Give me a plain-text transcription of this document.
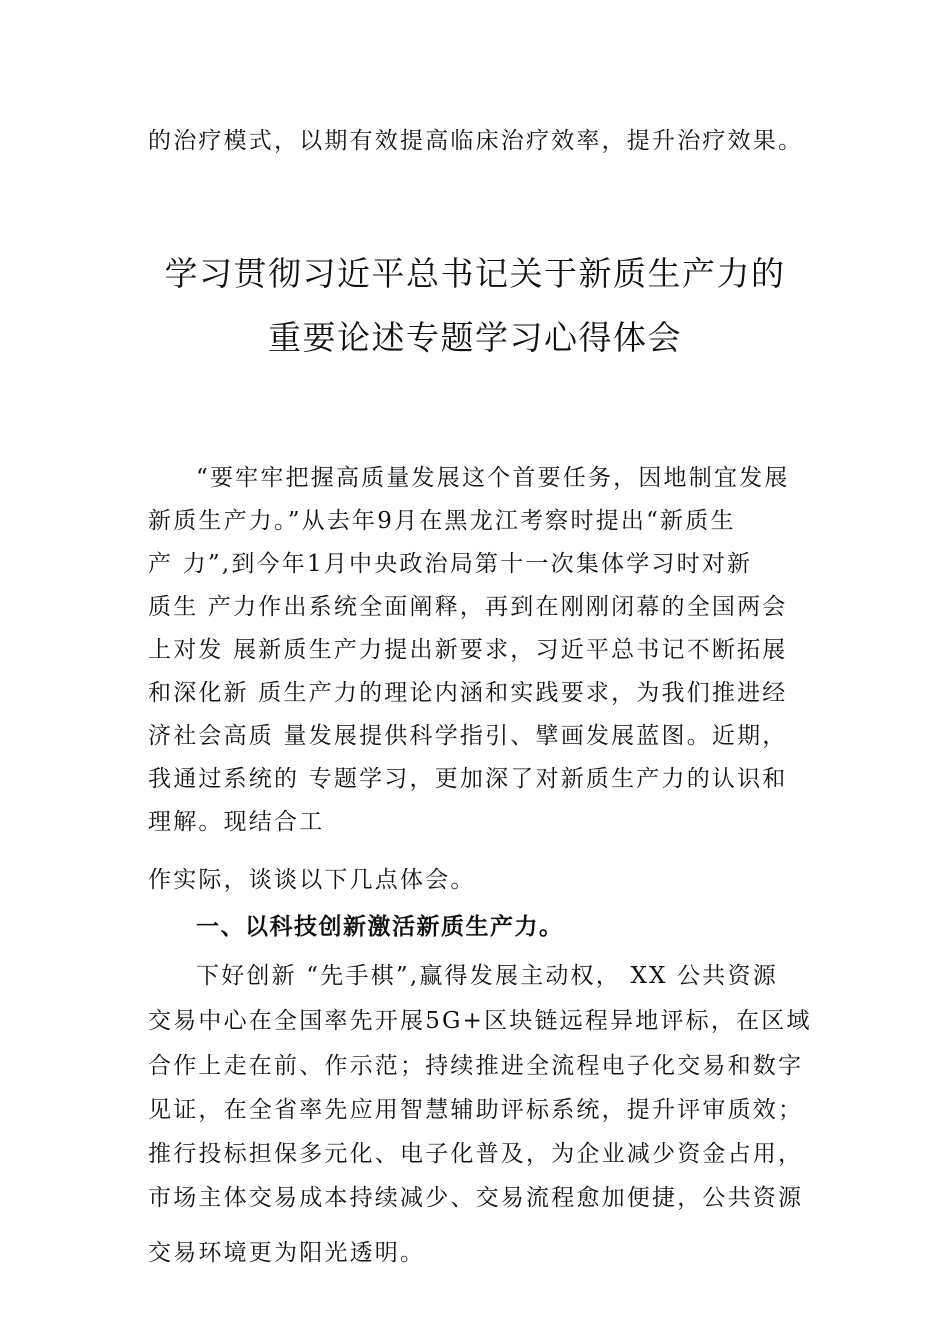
的治疗模式，以期有效提高临床治疗效率，提升治疗效果。
学习贯彻习近平总书记关于新质生产力的
重要论述专题学习心得体会
“要牢牢把握高质量发展这个首要任务，因地制宜发展
新质生产力。”从去年9月在黑龙江考察时提出“新质生
产 力”,到今年1月中央政治局第十一次集体学习时对新
质生 产力作出系统全面阐释，再到在刚刚闭幕的全国两会
上对发 展新质生产力提出新要求，习近平总书记不断拓展
和深化新 质生产力的理论内涵和实践要求，为我们推进经
济社会高质 量发展提供科学指引、擘画发展蓝图。近期，
我通过系统的 专题学习，更加深了对新质生产力的认识和
理解。现结合工
作实际，谈谈以下几点体会。
一、以科技创新激活新质生产力。
下好创新 “先手棋”,赢得发展主动权， XX 公共资源
交易中心在全国率先开展5G+区块链远程异地评标，在区域
合作上走在前、作示范；持续推进全流程电子化交易和数字
见证，在全省率先应用智慧辅助评标系统，提升评审质效；
推行投标担保多元化、电子化普及，为企业减少资金占用，
市场主体交易成本持续减少、交易流程愈加便捷，公共资源
交易环境更为阳光透明。
